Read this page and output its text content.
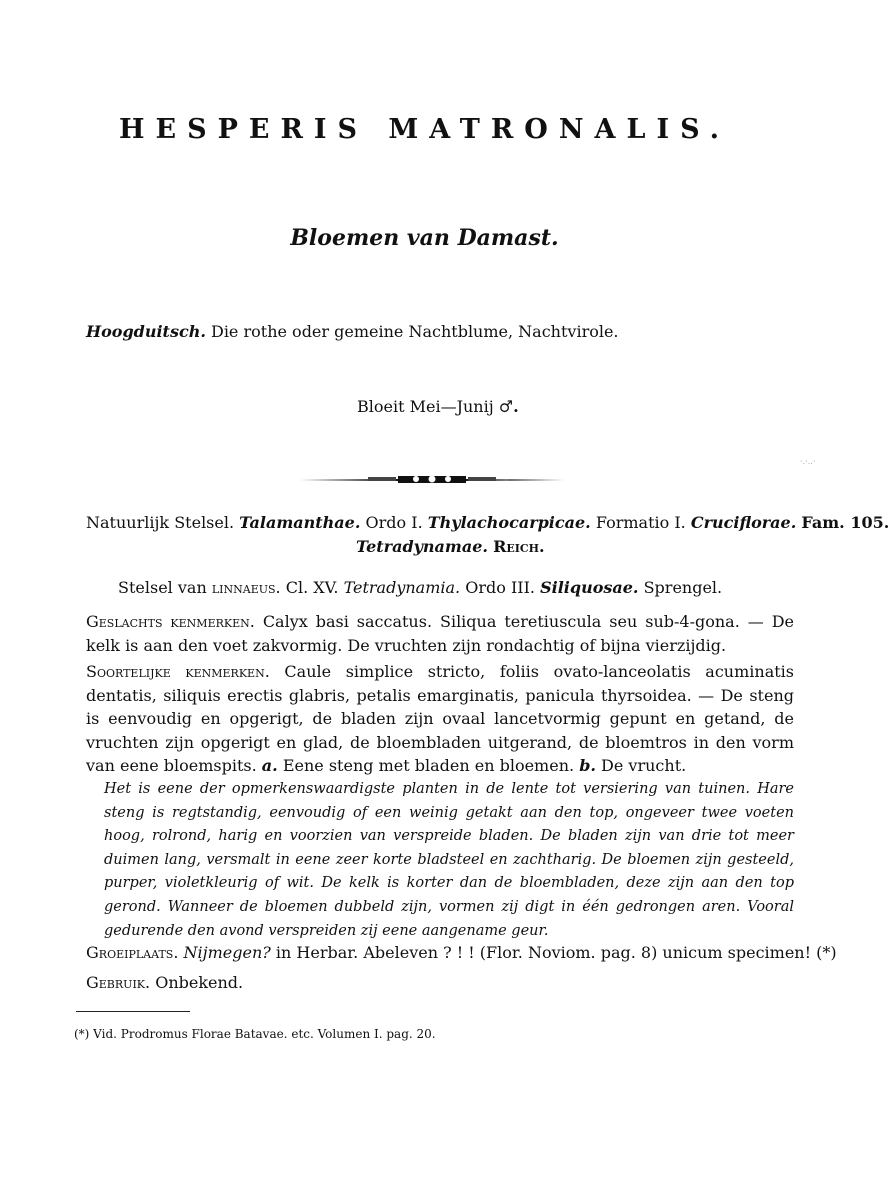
HESPERIS MATRONALIS.
Bloemen van Damast.
Hoogduitsch. Die rothe oder gemeine Nachtblume, Nachtvirole.
Bloeit Mei—Junij ♂.
·.·‥·
Natuurlijk Stelsel. Talamanthae. Ordo I. Thylachocarpicae. Formatio I. Cruciflorae. Fam. 105.
Tetradynamae. Reich.
Stelsel van linnaeus. Cl. XV. Tetradynamia. Ordo III. Siliquosae. Sprengel.
Geslachts kenmerken. Calyx basi saccatus. Siliqua teretiuscula seu sub-4-gona. — De kelk is aan den voet zakvormig. De vruchten zijn rondachtig of bijna vierzijdig.
Soortelijke kenmerken. Caule simplice stricto, foliis ovato-lanceolatis acuminatis dentatis, siliquis erectis glabris, petalis emarginatis, panicula thyrsoidea. — De steng is eenvoudig en opgerigt, de bladen zijn ovaal lancetvormig gepunt en getand, de vruchten zijn opgerigt en glad, de bloembladen uitgerand, de bloemtros in den vorm van eene bloemspits. a. Eene steng met bladen en bloemen. b. De vrucht.
Het is eene der opmerkenswaardigste planten in de lente tot versiering van tuinen. Hare steng is regtstandig, eenvoudig of een weinig getakt aan den top, ongeveer twee voeten hoog, rolrond, harig en voorzien van verspreide bladen. De bladen zijn van drie tot meer duimen lang, versmalt in eene zeer korte bladsteel en zachtharig. De bloemen zijn gesteeld, purper, violetkleurig of wit. De kelk is korter dan de bloembladen, deze zijn aan den top gerond. Wanneer de bloemen dubbeld zijn, vormen zij digt in één gedrongen aren. Vooral gedurende den avond verspreiden zij eene aangename geur.
Groeiplaats. Nijmegen? in Herbar. Abeleven ? ! ! (Flor. Noviom. pag. 8) unicum specimen! (*)
Gebruik. Onbekend.
(*) Vid. Prodromus Florae Batavae. etc. Volumen I. pag. 20.
